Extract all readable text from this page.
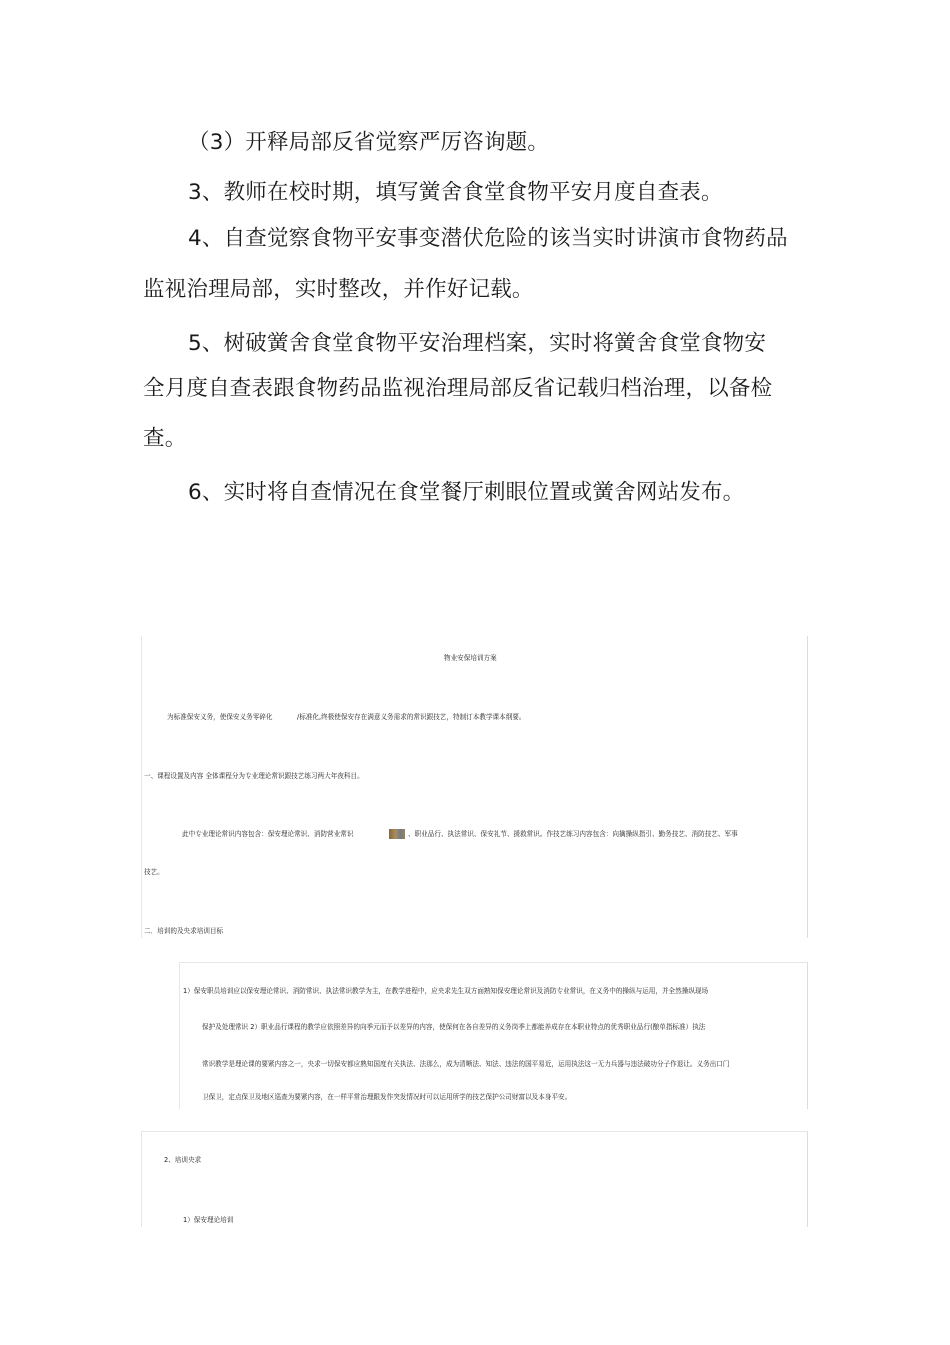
（3）开释局部反省觉察严厉咨询题。
3、教师在校时期，填写黉舍食堂食物平安月度自查表。
4、自查觉察食物平安事变潜伏危险的该当实时讲演市食物药品
监视治理局部，实时整改，并作好记载。
5、树破黉舍食堂食物平安治理档案，实时将黉舍食堂食物安
全月度自查表跟食物药品监视治理局部反省记载归档治理，以备检
查。
6、实时将自查情况在食堂餐厅刺眼位置或黉舍网站发布。
物业安保培训方案
为标准保安义务，使保安义务零碎化	/标准化,终极使保安存在满意义务需求的常识跟技艺，特制订本教学课本纲要。
一、课程设置及内容 全体课程分为专业理论常识跟技艺练习两大年夜科目。
此中专业理论常识内容包含：保安理论常识、消防营业常识	、职业品行、执法常识、保安礼节、援救常识。作技艺练习内容包含：向擒操纵指引、勤务技艺、消防技艺、军事
技艺。
二．培训的及央求培训目标
1）保安职员培训应以保安理论常识、消防常识、执法常识教学为主，在教学进程中，应央求先生双方面熟知保安理论常识及消防专业常识，在义务中的操纵与运用，并全然操纵现场
保护及处理常识 2）职业品行课程的教学应依照差异的向季元而予以差异的内容，使保何在各自差异的义务岗季上都能养成存在本职业特点的优秀职业品行(酿单指标准）执法
常识教学是理论课的要紧内容之一，央求一切保安都应熟知国度有关执法、法那么，成为清晰法、知法、违法的国平易近，运用执法这一无力兵器与违法破功分子作退让。义务出口门
卫保卫，定点保卫及地区巡查为要紧内容，在一样平常治理跟发作突发情况时可以运用所学的技艺保护公司财富以及本身平安。
2、培训央求
1）保安理论培训
